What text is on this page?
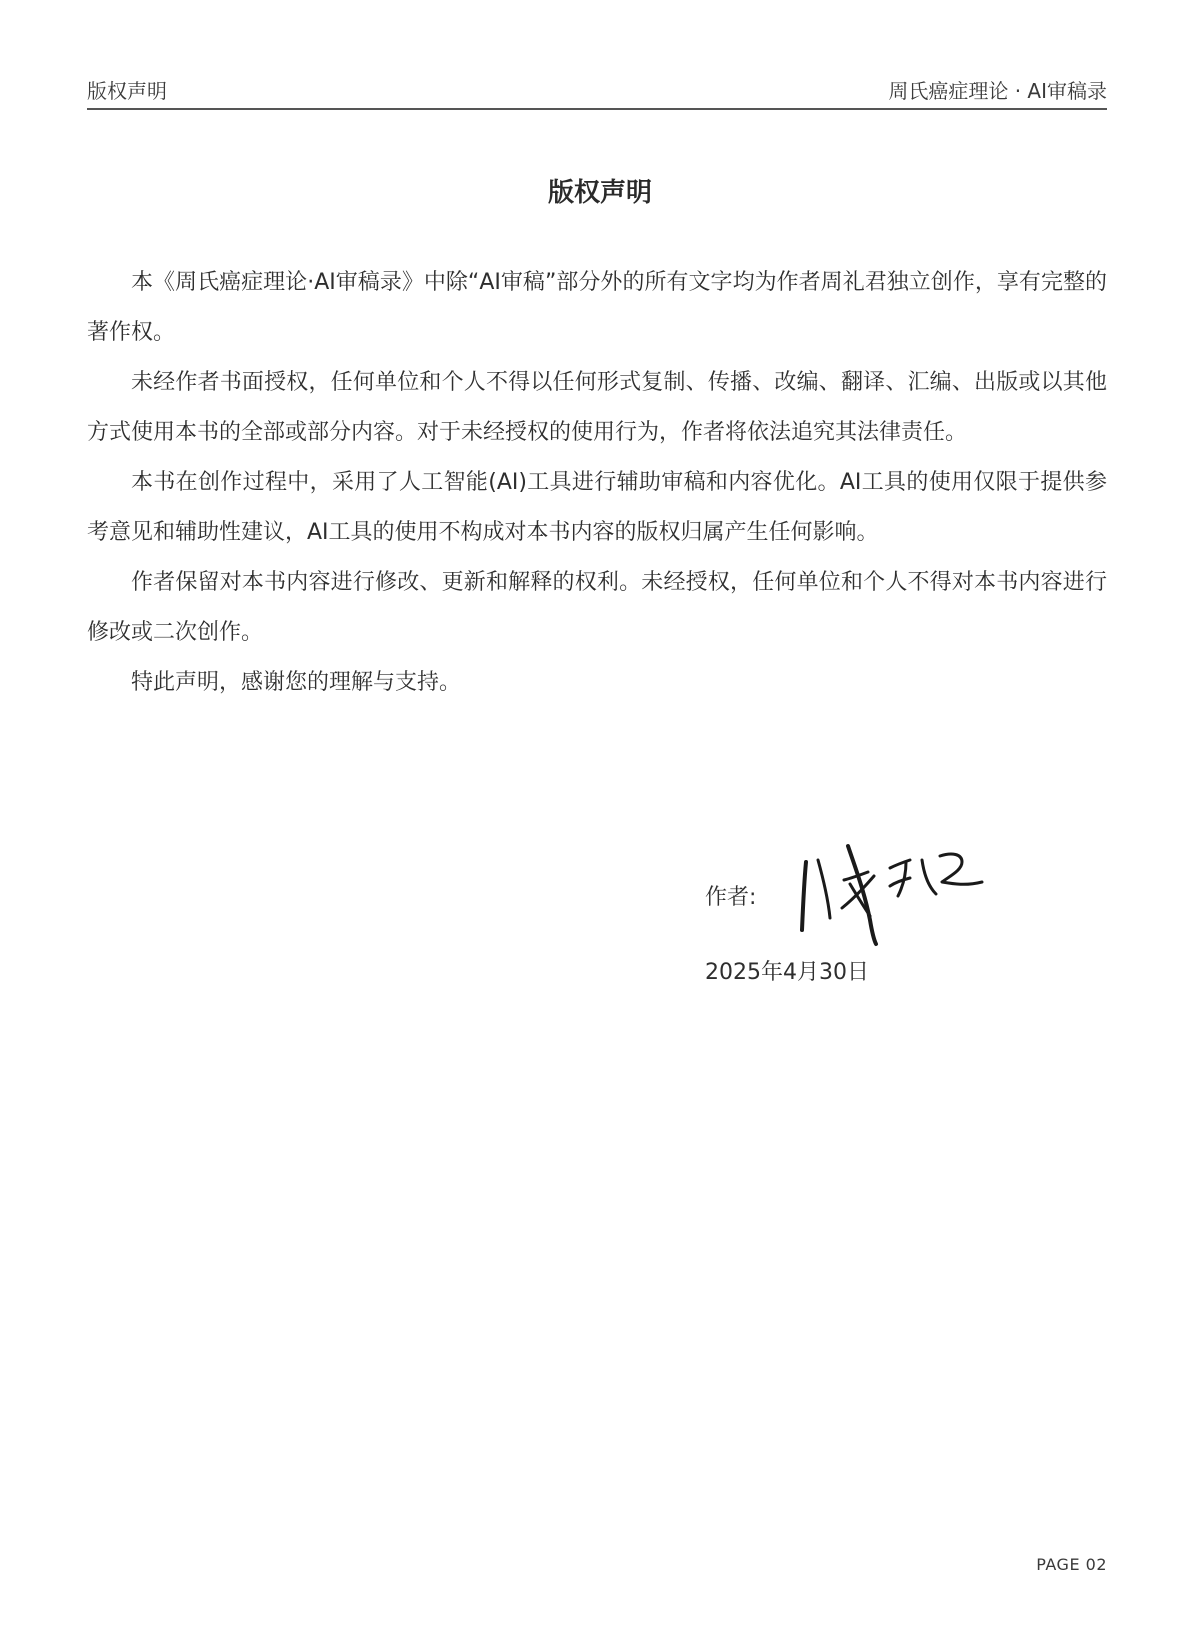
版权声明	周氏癌症理论 · AI审稿录
版权声明

本《周氏癌症理论·AI审稿录》中除“AI审稿”部分外的所有文字均为作者周礼君独立创作，享有完整的著作权。

未经作者书面授权，任何单位和个人不得以任何形式复制、传播、改编、翻译、汇编、出版或以其他方式使用本书的全部或部分内容。对于未经授权的使用行为，作者将依法追究其法律责任。

本书在创作过程中，采用了人工智能(AI)工具进行辅助审稿和内容优化。AI工具的使用仅限于提供参考意见和辅助性建议，AI工具的使用不构成对本书内容的版权归属产生任何影响。

作者保留对本书内容进行修改、更新和解释的权利。未经授权，任何单位和个人不得对本书内容进行修改或二次创作。

特此声明，感谢您的理解与支持。

作者:
2025年4月30日
PAGE 02
